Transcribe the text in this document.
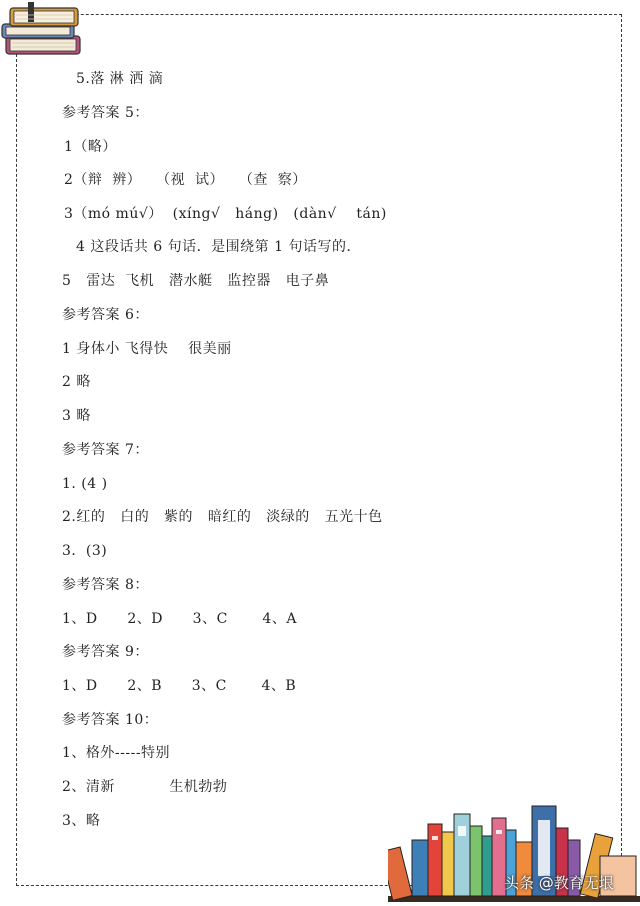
5.落 淋 洒 滴
参考答案 5：
1（略）
2（辩  辨）   （视  试）   （查  察）
3（mó mú√）  (xíng√   háng)   (dàn√    tán)
4 这段话共 6 句话．是围绕第 1 句话写的．
5   雷达  飞机   潜水艇   监控器   电子鼻
参考答案 6：
1 身体小 飞得快    很美丽
2 略
3 略
参考答案 7：
1. (4 )
2.红的   白的   紫的   暗红的   淡绿的   五光十色
3．(3)
参考答案 8：
1、D      2、D      3、C       4、A
参考答案 9：
1、D      2、B      3、C       4、B
参考答案 10：
1、格外-----特别
2、清新           生机勃勃
3、略
头条 @教育无垠
